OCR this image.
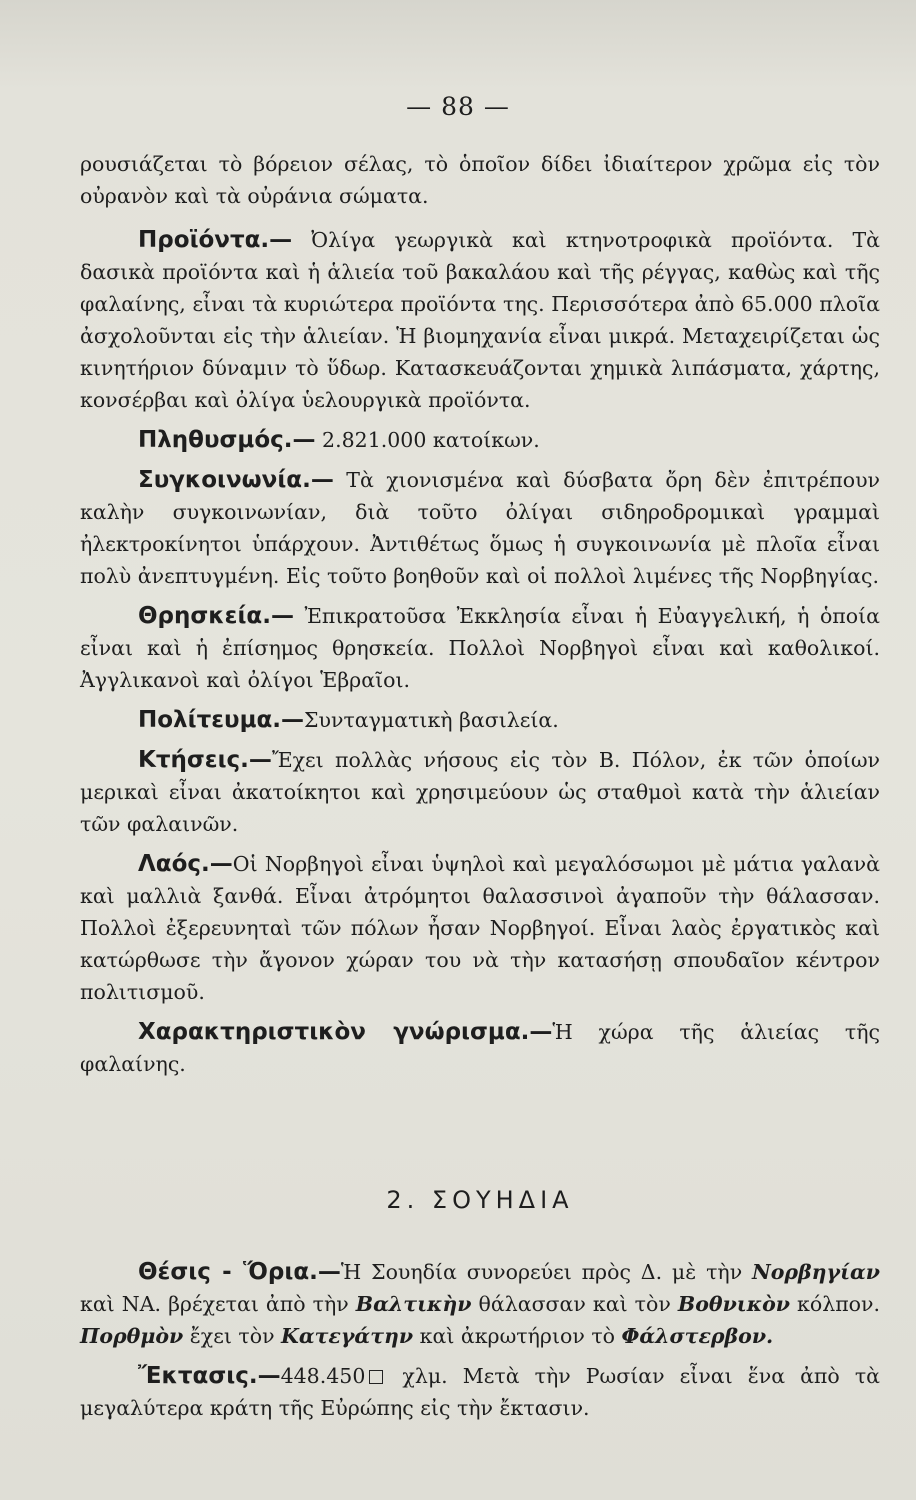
— 88 —

ρουσιάζεται τὸ βόρειον σέλας, τὸ ὁποῖον δίδει ἰδιαίτερον χρῶμα εἰς τὸν οὐρανὸν καὶ τὰ οὐράνια σώματα.

Προϊόντα.— Ὀλίγα γεωργικὰ καὶ κτηνοτροφικὰ προϊόντα. Τὰ δασικὰ προϊόντα καὶ ἡ ἁλιεία τοῦ βακαλάου καὶ τῆς ρέγγας, καθὼς καὶ τῆς φαλαίνης, εἶναι τὰ κυριώτερα προϊόντα της. Περισσότερα ἀπὸ 65.000 πλοῖα ἀσχολοῦνται εἰς τὴν ἁλιείαν. Ἡ βιομηχανία εἶναι μικρά. Μεταχειρίζεται ὡς κινητήριον δύναμιν τὸ ὕδωρ. Κατασκευάζονται χημικὰ λιπάσματα, χάρτης, κονσέρβαι καὶ ὀλίγα ὑελουργικὰ προϊόντα.

Πληθυσμός.— 2.821.000 κατοίκων.

Συγκοινωνία.— Τὰ χιονισμένα καὶ δύσβατα ὄρη δὲν ἐπιτρέπουν καλὴν συγκοινωνίαν, διὰ τοῦτο ὀλίγαι σιδηροδρομικαὶ γραμμαὶ ἠλεκτροκίνητοι ὑπάρχουν. Ἀντιθέτως ὅμως ἡ συγκοινωνία μὲ πλοῖα εἶναι πολὺ ἀνεπτυγμένη. Εἰς τοῦτο βοηθοῦν καὶ οἱ πολλοὶ λιμένες τῆς Νορβηγίας.

Θρησκεία.— Ἐπικρατοῦσα Ἐκκλησία εἶναι ἡ Εὐαγγελική, ἡ ὁποία εἶναι καὶ ἡ ἐπίσημος θρησκεία. Πολλοὶ Νορβηγοὶ εἶναι καὶ καθολικοί. Ἀγγλικανοὶ καὶ ὀλίγοι Ἑβραῖοι.

Πολίτευμα.—Συνταγματικὴ βασιλεία.

Κτήσεις.—Ἔχει πολλὰς νήσους εἰς τὸν Β. Πόλον, ἐκ τῶν ὁποίων μερικαὶ εἶναι ἀκατοίκητοι καὶ χρησιμεύουν ὡς σταθμοὶ κατὰ τὴν ἁλιείαν τῶν φαλαινῶν.

Λαός.—Οἱ Νορβηγοὶ εἶναι ὑψηλοὶ καὶ μεγαλόσωμοι μὲ μάτια γαλανὰ καὶ μαλλιὰ ξανθά. Εἶναι ἀτρόμητοι θαλασσινοὶ ἀγαποῦν τὴν θάλασσαν. Πολλοὶ ἐξερευνηταὶ τῶν πόλων ἦσαν Νορβηγοί. Εἶναι λαὸς ἐργατικὸς καὶ κατώρθωσε τὴν ἄγονον χώραν του νὰ τὴν κατασήσῃ σπουδαῖον κέντρον πολιτισμοῦ.

Χαρακτηριστικὸν γνώρισμα.—Ἡ χώρα τῆς ἁλιείας τῆς φαλαίνης.

2. ΣΟΥΗΔΙΑ

Θέσις - Ὅρια.—Ἡ Σουηδία συνορεύει πρὸς Δ. μὲ τὴν Νορβηγίαν καὶ ΝΑ. βρέχεται ἀπὸ τὴν Βαλτικὴν θάλασσαν καὶ τὸν Βοθνικὸν κόλπον. Πορθμὸν ἔχει τὸν Κατεγάτην καὶ ἀκρωτήριον τὸ Φάλστερβον.

Ἔκτασις.—448.450 χλμ. Μετὰ τὴν Ρωσίαν εἶναι ἕνα ἀπὸ τὰ μεγαλύτερα κράτη τῆς Εὐρώπης εἰς τὴν ἔκτασιν.
